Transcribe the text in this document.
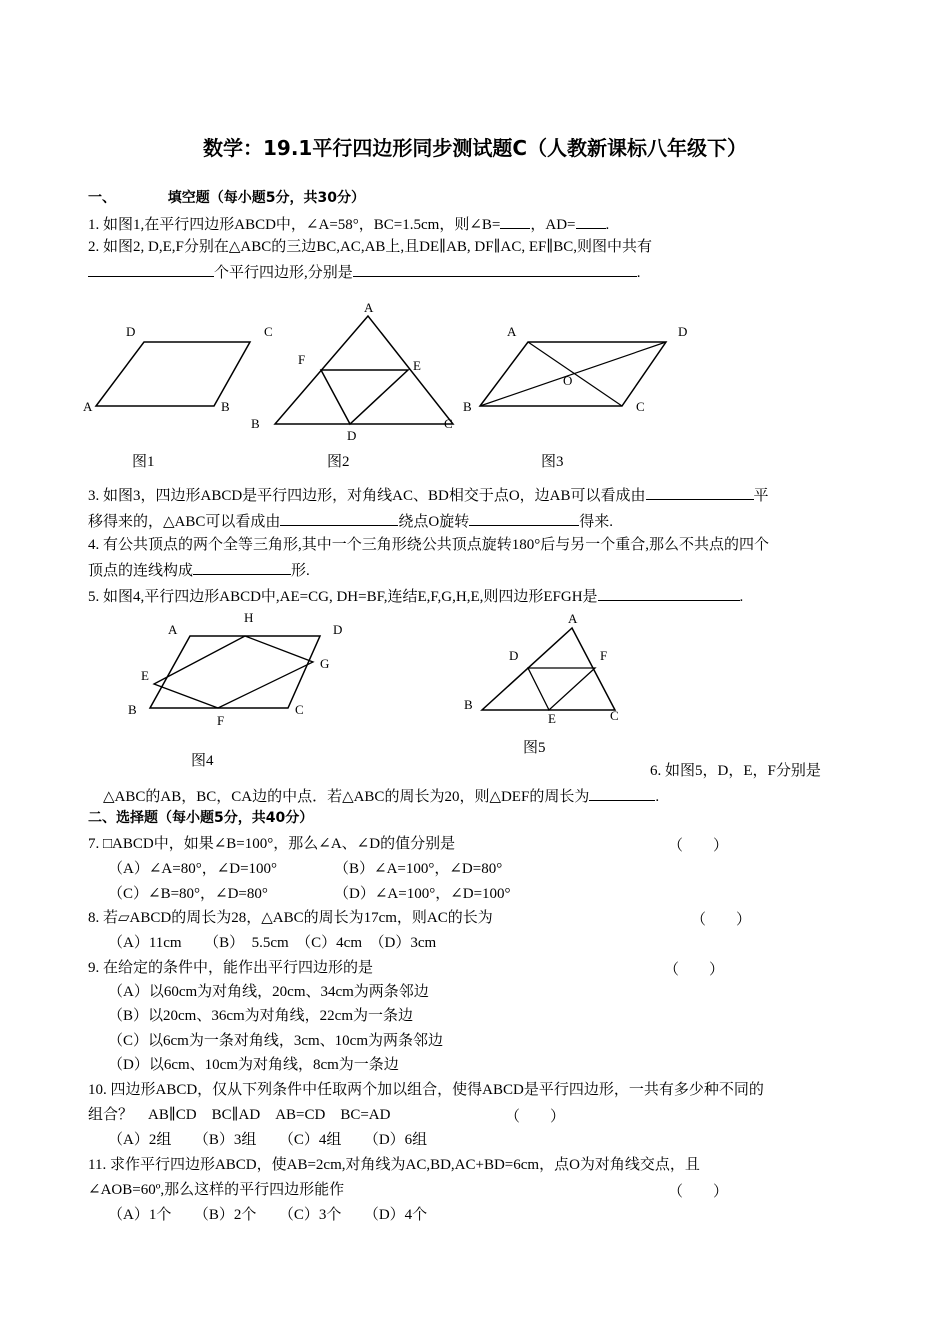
数学：19.1平行四边形同步测试题C（人教新课标八年级下）
一、	填空题（每小题5分，共30分）
1. 如图1,在平行四边形ABCD中，∠A=58°，BC=1.5cm，则∠B= ，AD= .
2. 如图2, D,E,F分别在△ABC的三边BC,AC,AB上,且DE∥AB, DF∥AC, EF∥BC,则图中共有
个平行四边形,分别是	.
D	C
A	B
图1
A
F	E
B
D
C
图2
A	D
O
B	C
图3
3. 如图3，四边形ABCD是平行四边形，对角线AC、BD相交于点O，边AB可以看成由	平
移得来的，△ABC可以看成由	绕点O旋转	得来.
4. 有公共顶点的两个全等三角形,其中一个三角形绕公共顶点旋转180°后与另一个重合,那么不共点的四个
顶点的连线构成	形.
5. 如图4,平行四边形ABCD中,AE=CG, DH=BF,连结E,F,G,H,E,则四边形EFGH是	.
A
H
D
G
E
B
F
C
图4
A
D	F
B
E	C
图5
6. 如图5，D，E，F分别是
△ABC的AB，BC，CA边的中点．若△ABC的周长为20，则△DEF的周长为	.
二、选择题（每小题5分，共40分）
7. □ABCD中，如果∠B=100°，那么∠A、∠D的值分别是	（　　）
（A）∠A=80°，∠D=100°	（B）∠A=100°，∠D=80°
（C）∠B=80°，∠D=80°	（D）∠A=100°，∠D=100°
8. 若▱ABCD的周长为28，△ABC的周长为17cm，则AC的长为	（　　）
（A）11cm　　（B）　5.5cm　（C）4cm　（D）3cm
9. 在给定的条件中，能作出平行四边形的是	（　　）
（A）以60cm为对角线，20cm、34cm为两条邻边
（B）以20cm、36cm为对角线，22cm为一条边
（C）以6cm为一条对角线，3cm、10cm为两条邻边
（D）以6cm、10cm为对角线，8cm为一条边
10. 四边形ABCD，仅从下列条件中任取两个加以组合，使得ABCD是平行四边形，一共有多少种不同的
组合？　AB∥CD　BC∥AD　AB=CD　BC=AD	（　　）
（A）2组　　（B）3组　　（C）4组　　（D）6组
11. 求作平行四边形ABCD，使AB=2cm,对角线为AC,BD,AC+BD=6cm，点O为对角线交点，且
∠AOB=60º,那么这样的平行四边形能作	（　　）
（A）1个　　（B）2个　　（C）3个　　（D）4个
